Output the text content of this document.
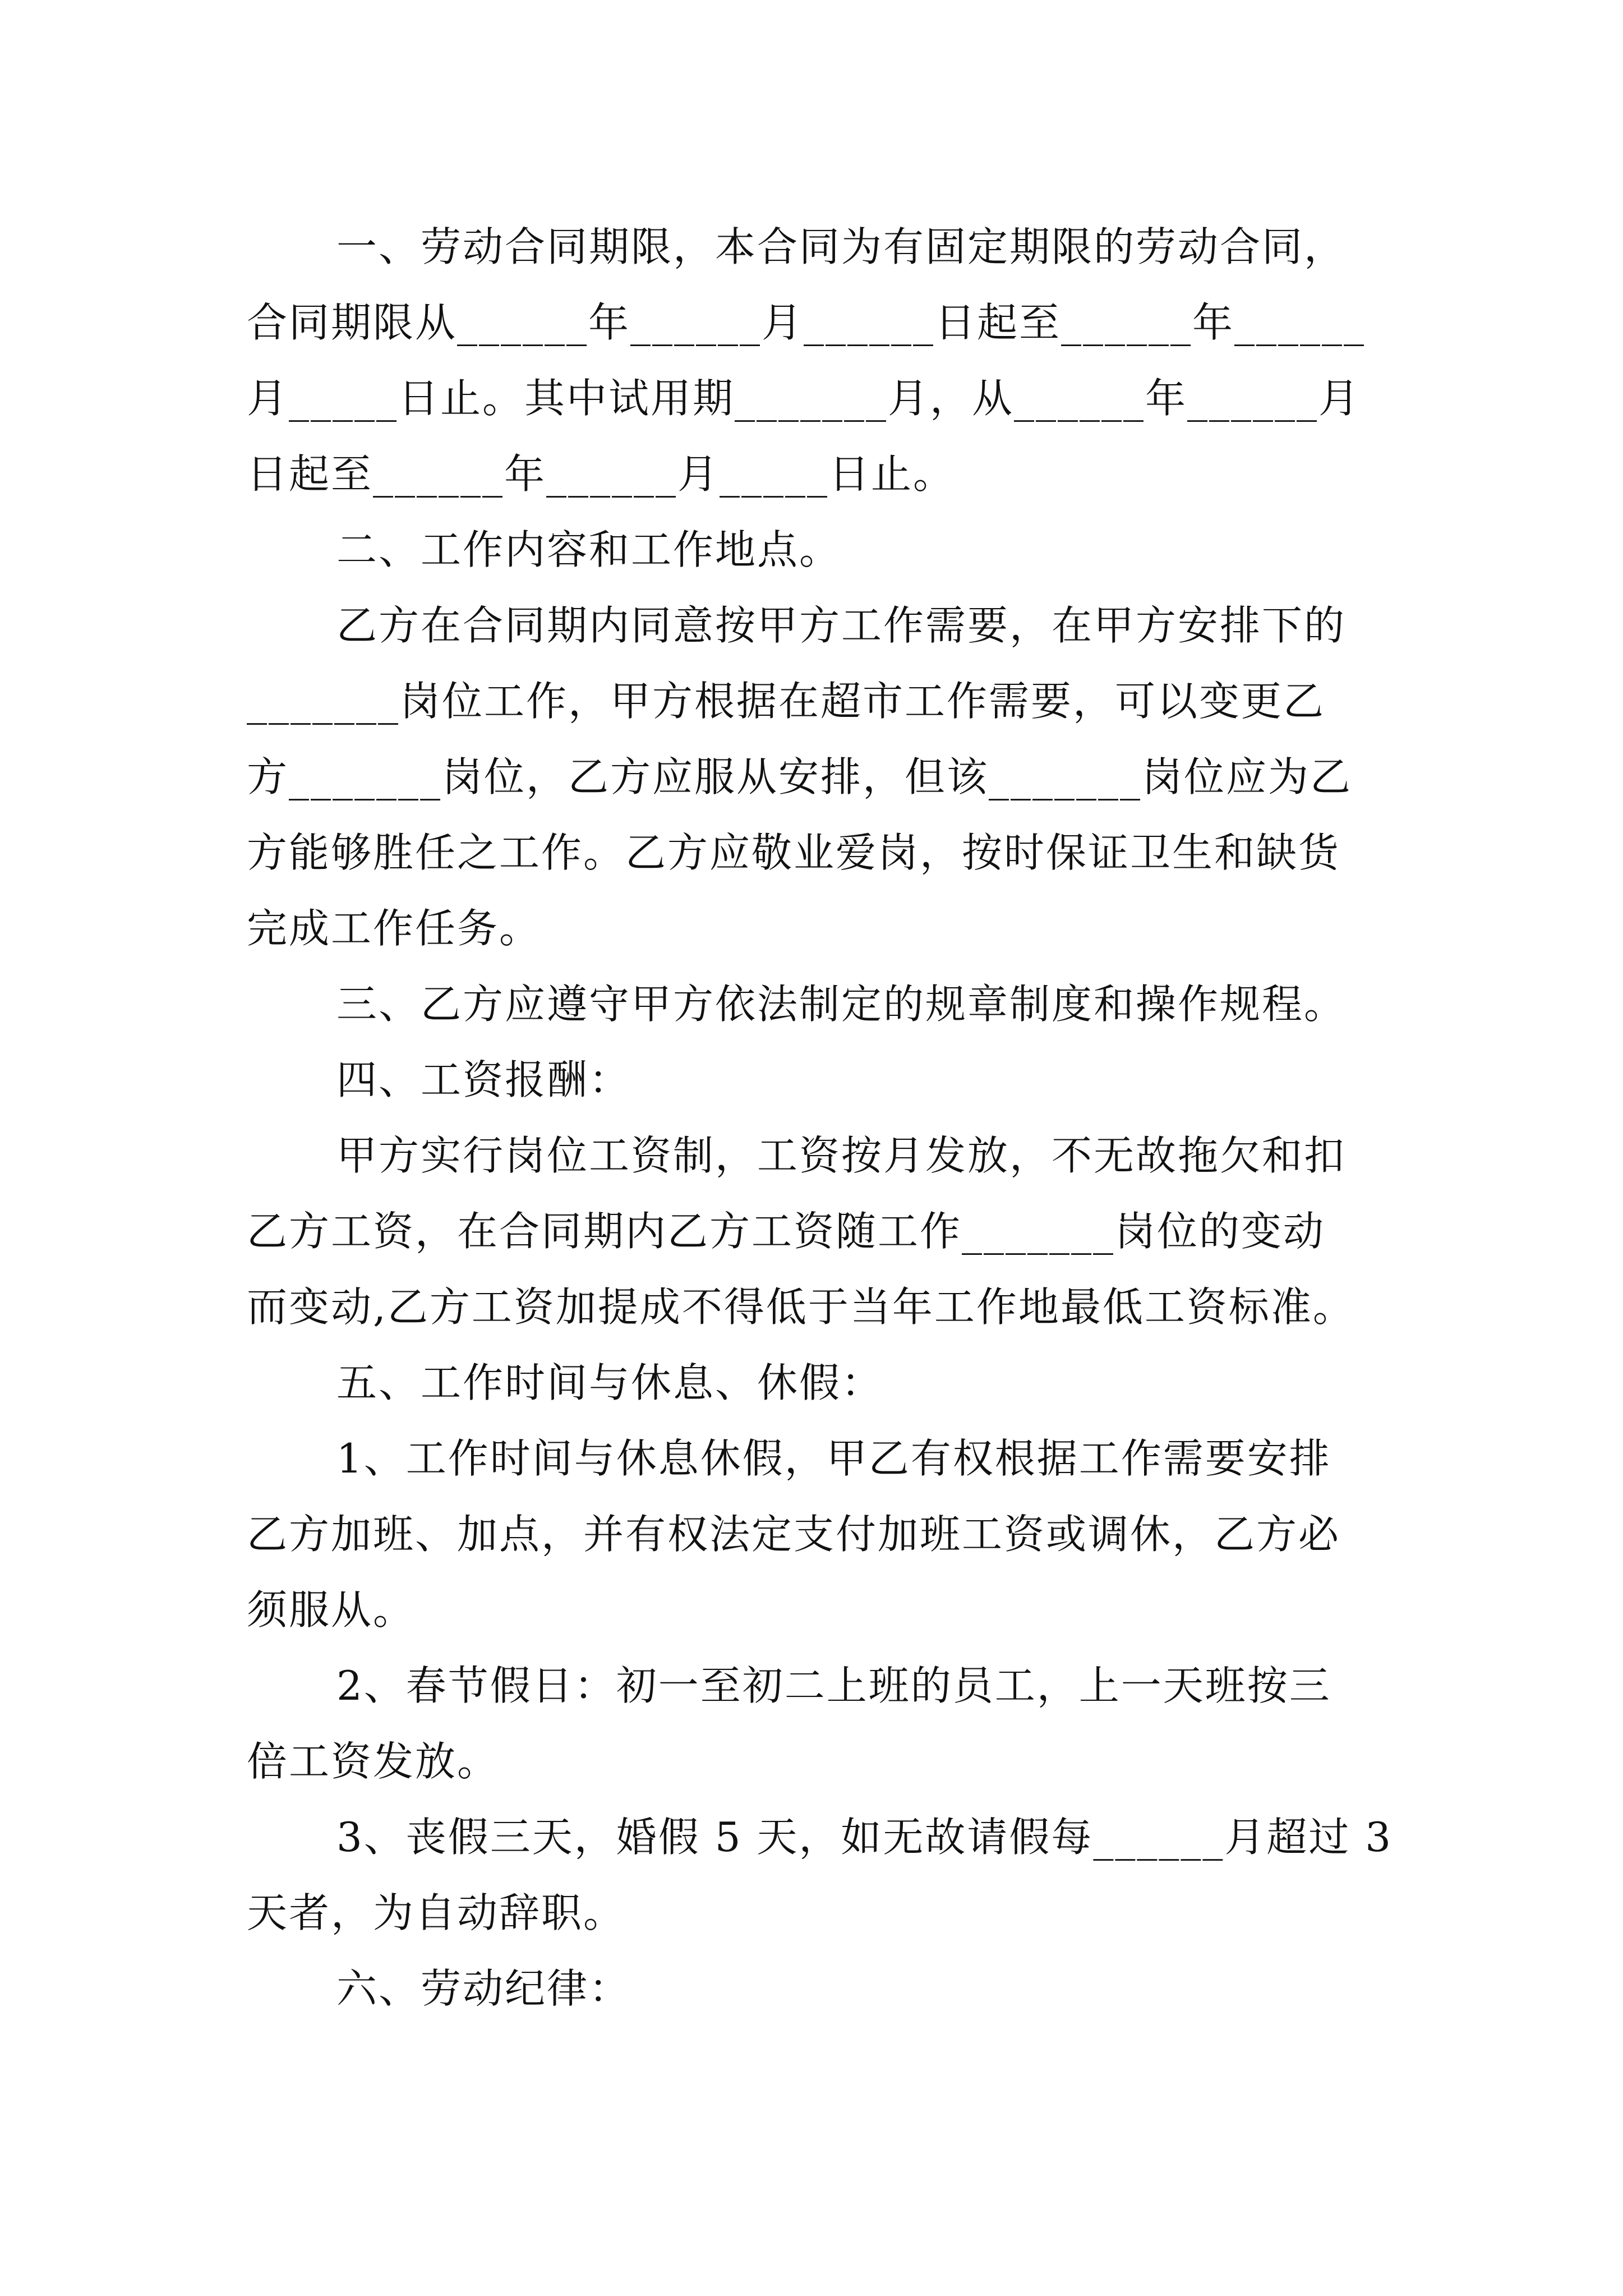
一、劳动合同期限，本合同为有固定期限的劳动合同，
合同期限从______年______月______日起至______年______
月_____日止。其中试用期_______月，从______年______月
日起至______年______月_____日止。
二、工作内容和工作地点。
乙方在合同期内同意按甲方工作需要，在甲方安排下的
_______岗位工作，甲方根据在超市工作需要，可以变更乙
方_______岗位，乙方应服从安排，但该_______岗位应为乙
方能够胜任之工作。乙方应敬业爱岗，按时保证卫生和缺货
完成工作任务。
三、乙方应遵守甲方依法制定的规章制度和操作规程。
四、工资报酬：
甲方实行岗位工资制，工资按月发放，不无故拖欠和扣
乙方工资，在合同期内乙方工资随工作_______岗位的变动
而变动,乙方工资加提成不得低于当年工作地最低工资标准。
五、工作时间与休息、休假：
1、工作时间与休息休假，甲乙有权根据工作需要安排
乙方加班、加点，并有权法定支付加班工资或调休，乙方必
须服从。
2、春节假日：初一至初二上班的员工，上一天班按三
倍工资发放。
3、丧假三天，婚假 5 天，如无故请假每______月超过 3
天者，为自动辞职。
六、劳动纪律：
